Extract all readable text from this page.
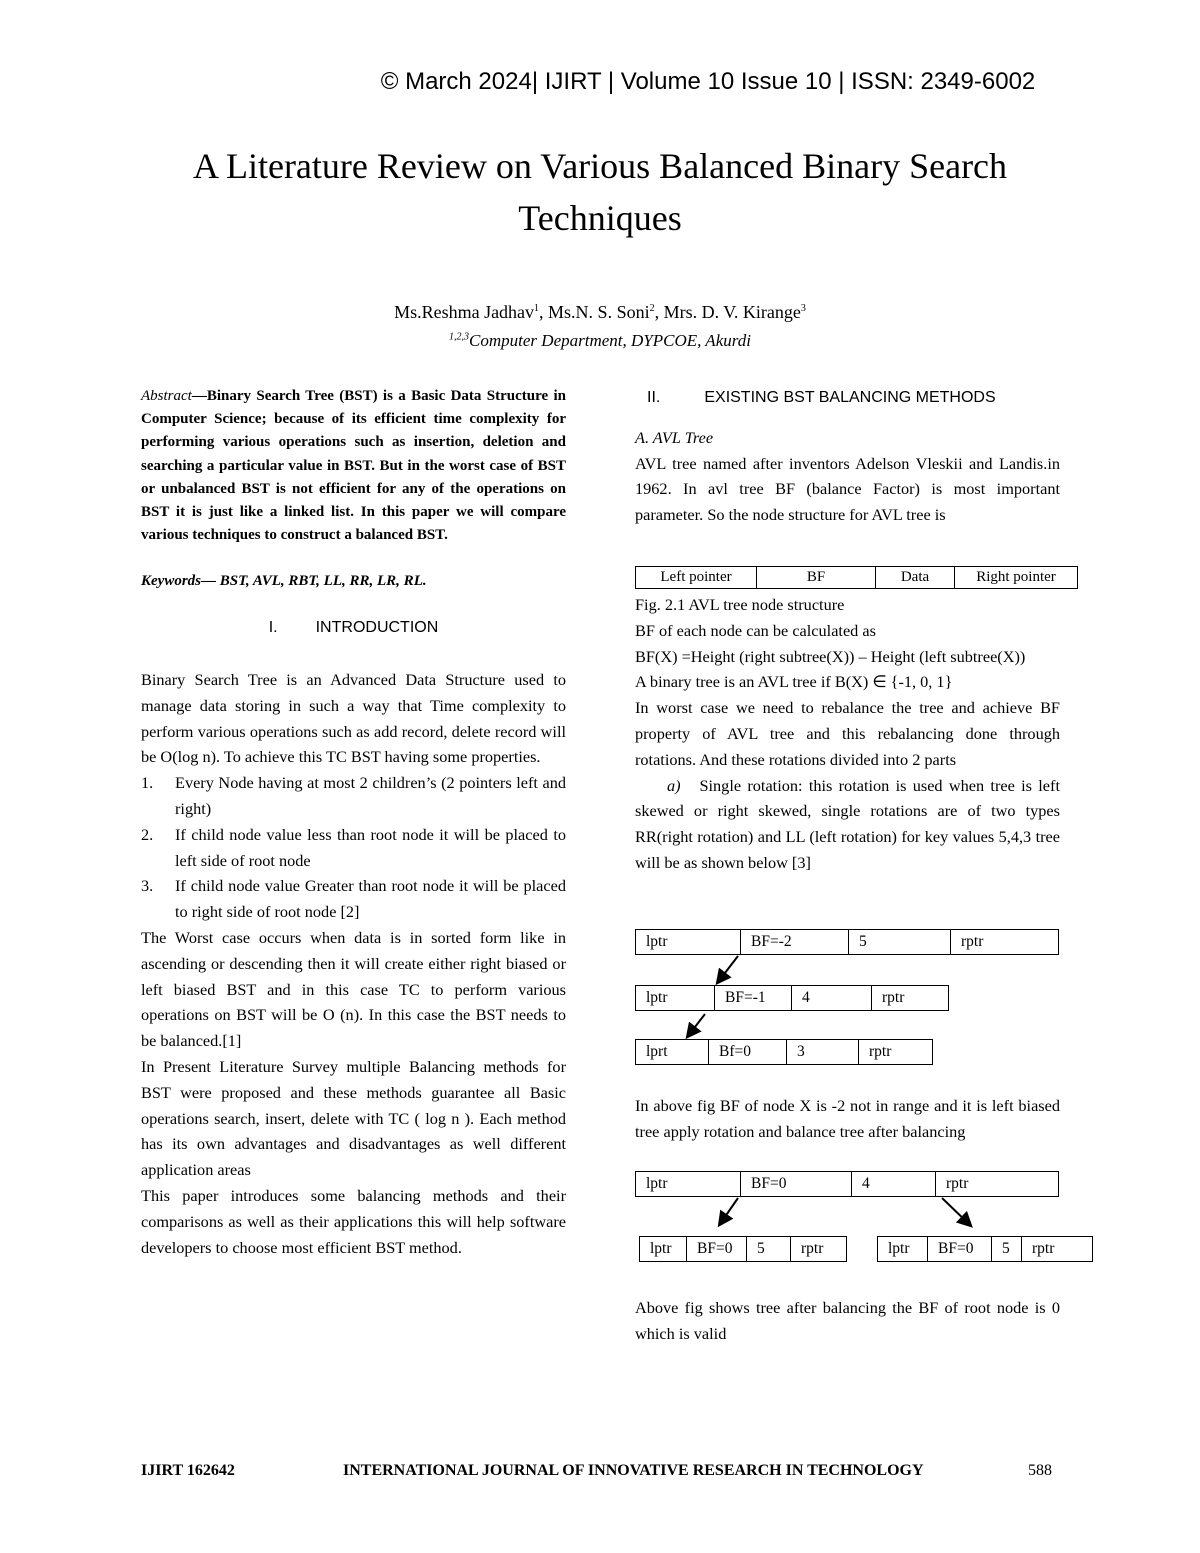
© March 2024| IJIRT | Volume 10 Issue 10 | ISSN: 2349-6002
A Literature Review on Various Balanced Binary Search
Techniques
Ms.Reshma Jadhav$^1$, Ms.N. S. Soni$^2$, Mrs. D. V. Kirange$^3$
$^{1,2,3}$Computer Department, DYPCOE, Akurdi

Abstract—Binary Search Tree (BST) is a Basic Data Structure in Computer Science; because of its efficient time complexity for performing various operations such as insertion, deletion and searching a particular value in BST. But in the worst case of BST or unbalanced BST is not efficient for any of the operations on BST it is just like a linked list. In this paper we will compare various techniques to construct a balanced BST.

Keywords— BST, AVL, RBT, LL, RR, LR, RL.
I. INTRODUCTION

Binary Search Tree is an Advanced Data Structure used to manage data storing in such a way that Time complexity to perform various operations such as add record, delete record will be O(log n). To achieve this TC BST having some properties.

1. Every Node having at most 2 children’s (2 pointers left and right)
2. If child node value less than root node it will be placed to left side of root node
3. If child node value Greater than root node it will be placed to right side of root node [2]

The Worst case occurs when data is in sorted form like in ascending or descending then it will create either right biased or left biased BST and in this case TC to perform various operations on BST will be O (n). In this case the BST needs to be balanced.[1]

In Present Literature Survey multiple Balancing methods for BST were proposed and these methods guarantee all Basic operations search, insert, delete with TC ( log n ). Each method has its own advantages and disadvantages as well different application areas

This paper introduces some balancing methods and their comparisons as well as their applications this will help software developers to choose most efficient BST method.

II.	EXISTING BST BALANCING METHODS

A. AVL Tree

AVL tree named after inventors Adelson Vleskii and Landis.in 1962. In avl tree BF (balance Factor) is most important parameter. So the node structure for AVL tree is

Left pointer	BF	Data	Right pointer

Fig. 2.1 AVL tree node structure

BF of each node can be calculated as

BF(X) =Height (right subtree(X)) – Height (left subtree(X))

A binary tree is an AVL tree if B(X) ∈ {-1, 0, 1}

In worst case we need to rebalance the tree and achieve BF property of AVL tree and this rebalancing done through rotations. And these rotations divided into 2 parts

a) Single rotation: this rotation is used when tree is left skewed or right skewed, single rotations are of two types RR(right rotation) and LL (left rotation) for key values 5,4,3 tree will be as shown below [3]

lptr	BF=-2	5	rptr
lptr	BF=-1	4	rptr
lprt	Bf=0	3	rptr

In above fig BF of node X is -2 not in range and it is left biased tree apply rotation and balance tree after balancing

lptr	BF=0	4	rptr
lptr	BF=0	5	rptr	lptr	BF=0	5	rptr

Above fig shows tree after balancing the BF of root node is 0 which is valid

IJIRT 162642	INTERNATIONAL JOURNAL OF INNOVATIVE RESEARCH IN TECHNOLOGY	588
